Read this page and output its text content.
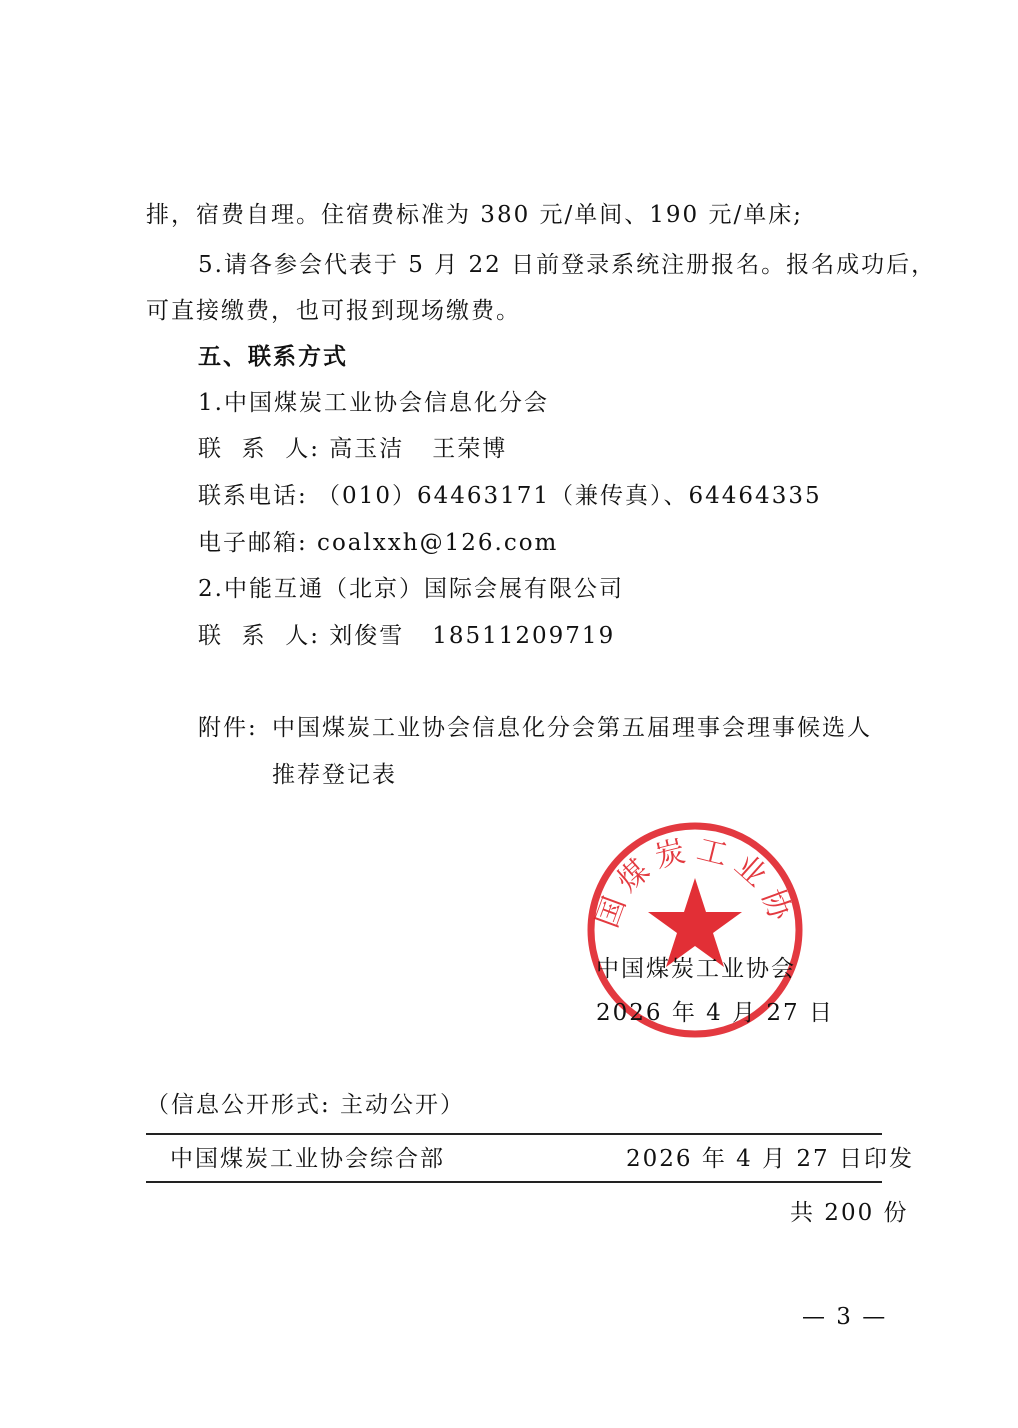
排，宿费自理。住宿费标准为 380 元/单间、190 元/单床;
5.请各参会代表于 5 月 22 日前登录系统注册报名。报名成功后，
可直接缴费，也可报到现场缴费。
五、联系方式
1.中国煤炭工业协会信息化分会
联  系  人: 高玉洁   王荣博
联系电话: （010）64463171（兼传真）、64464335
电子邮箱: coalxxh@126.com
2.中能互通（北京）国际会展有限公司
联  系  人: 刘俊雪   18511209719
附件: 中国煤炭工业协会信息化分会第五届理事会理事候选人
推荐登记表
国煤炭工业协
中国煤炭工业协会
2026 年 4 月 27 日
（信息公开形式: 主动公开）
中国煤炭工业协会综合部	2026 年 4 月 27 日印发
共 200 份
— 3 —
